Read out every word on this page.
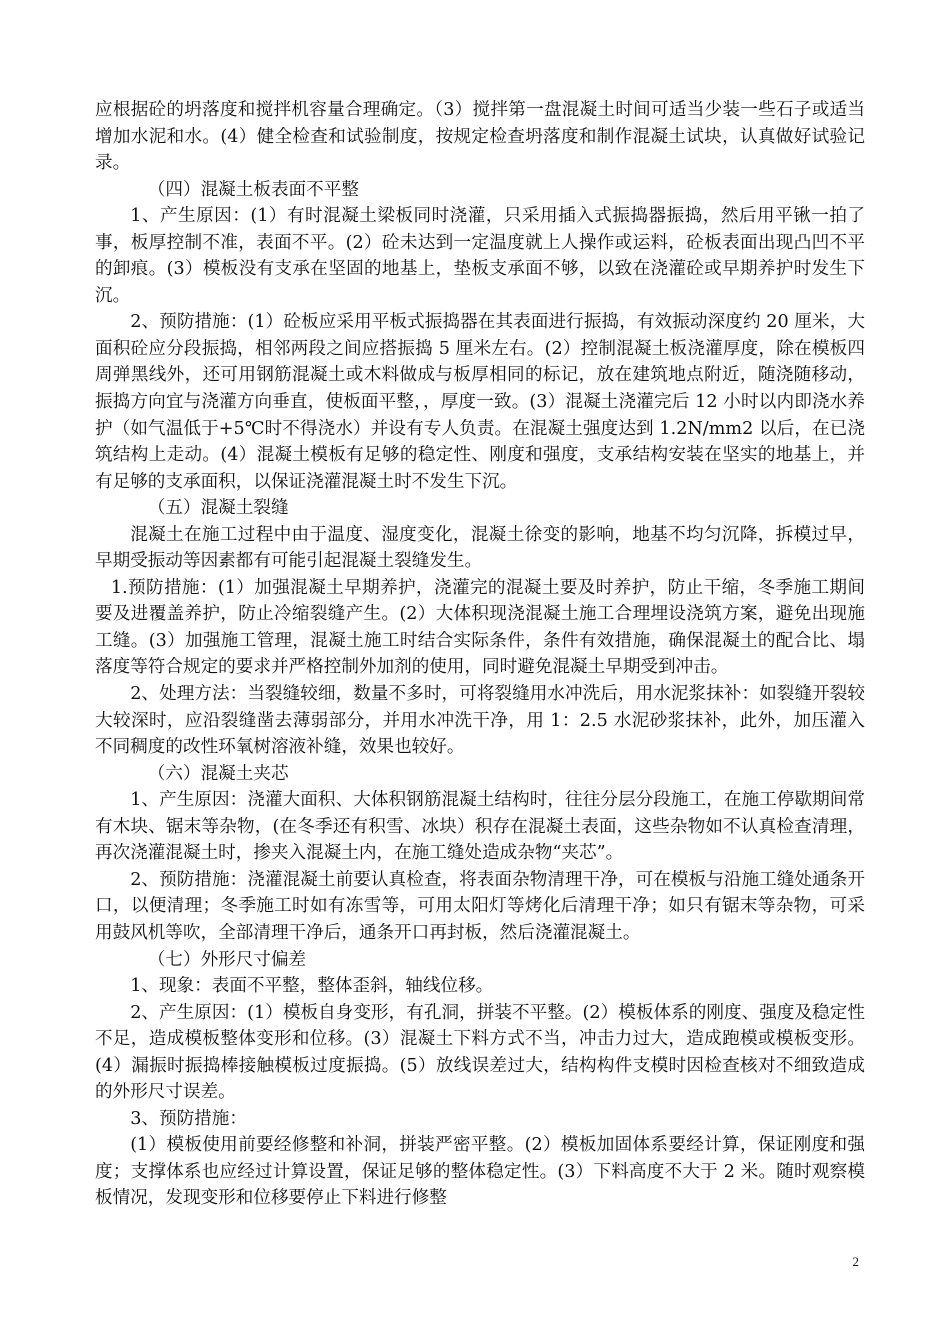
应根据砼的坍落度和搅拌机容量合理确定。（3）搅拌第一盘混凝土时间可适当少装一些石子或适当增加水泥和水。(4）健全检查和试验制度，按规定检查坍落度和制作混凝土试块，认真做好试验记录。

（四）混凝土板表面不平整

1、产生原因：(1）有时混凝土梁板同时浇灌，只采用插入式振捣器振捣，然后用平锹一拍了事，板厚控制不准，表面不平。(2）砼未达到一定温度就上人操作或运料，砼板表面出现凸凹不平的卸痕。(3）模板没有支承在坚固的地基上，垫板支承面不够，以致在浇灌砼或早期养护时发生下沉。

2、预防措施：(1）砼板应采用平板式振捣器在其表面进行振捣，有效振动深度约 20 厘米，大面积砼应分段振捣，相邻两段之间应搭振捣 5 厘米左右。(2）控制混凝土板浇灌厚度，除在模板四周弹黑线外，还可用钢筋混凝土或木料做成与板厚相同的标记，放在建筑地点附近，随浇随移动，振捣方向宜与浇灌方向垂直，使板面平整，，厚度一致。(3）混凝土浇灌完后 12 小时以内即浇水养护（如气温低于+5℃时不得浇水）并设有专人负责。在混凝土强度达到 1.2N/mm2 以后，在已浇筑结构上走动。(4）混凝土模板有足够的稳定性、刚度和强度，支承结构安装在坚实的地基上，并有足够的支承面积，以保证浇灌混凝土时不发生下沉。

（五）混凝土裂缝

混凝土在施工过程中由于温度、湿度变化，混凝土徐变的影响，地基不均匀沉降，拆模过早，早期受振动等因素都有可能引起混凝土裂缝发生。

1.预防措施：(1）加强混凝土早期养护，浇灌完的混凝土要及时养护，防止干缩，冬季施工期间要及进覆盖养护，防止冷缩裂缝产生。(2）大体积现浇混凝土施工合理埋设浇筑方案，避免出现施工缝。(3）加强施工管理，混凝土施工时结合实际条件，条件有效措施，确保混凝土的配合比、塌落度等符合规定的要求并严格控制外加剂的使用，同时避免混凝土早期受到冲击。

2、处理方法：当裂缝较细，数量不多时，可将裂缝用水冲洗后，用水泥浆抹补：如裂缝开裂较大较深时，应沿裂缝凿去薄弱部分，并用水冲洗干净，用 1：2.5 水泥砂浆抹补，此外，加压灌入不同稠度的改性环氧树溶液补缝，效果也较好。

（六）混凝土夹芯

1、产生原因：浇灌大面积、大体积钢筋混凝土结构时，往往分层分段施工，在施工停歇期间常有木块、锯末等杂物，(在冬季还有积雪、冰块）积存在混凝土表面，这些杂物如不认真检查清理，再次浇灌混凝土时，掺夹入混凝土内，在施工缝处造成杂物“夹芯”。

2、预防措施：浇灌混凝土前要认真检查，将表面杂物清理干净，可在模板与沿施工缝处通条开口，以便清理；冬季施工时如有冻雪等，可用太阳灯等烤化后清理干净；如只有锯末等杂物，可采用鼓风机等吹，全部清理干净后，通条开口再封板，然后浇灌混凝土。

（七）外形尺寸偏差

1、现象：表面不平整，整体歪斜，轴线位移。

2、产生原因：(1）模板自身变形，有孔洞，拼装不平整。(2）模板体系的刚度、强度及稳定性不足，造成模板整体变形和位移。(3）混凝土下料方式不当，冲击力过大，造成跑模或模板变形。(4）漏振时振捣棒接触模板过度振捣。(5）放线误差过大，结构构件支模时因检查核对不细致造成的外形尺寸误差。

3、预防措施：

(1）模板使用前要经修整和补洞，拼装严密平整。(2）模板加固体系要经计算，保证刚度和强度；支撑体系也应经过计算设置，保证足够的整体稳定性。(3）下料高度不大于 2 米。随时观察模板情况，发现变形和位移要停止下料进行修整

2
